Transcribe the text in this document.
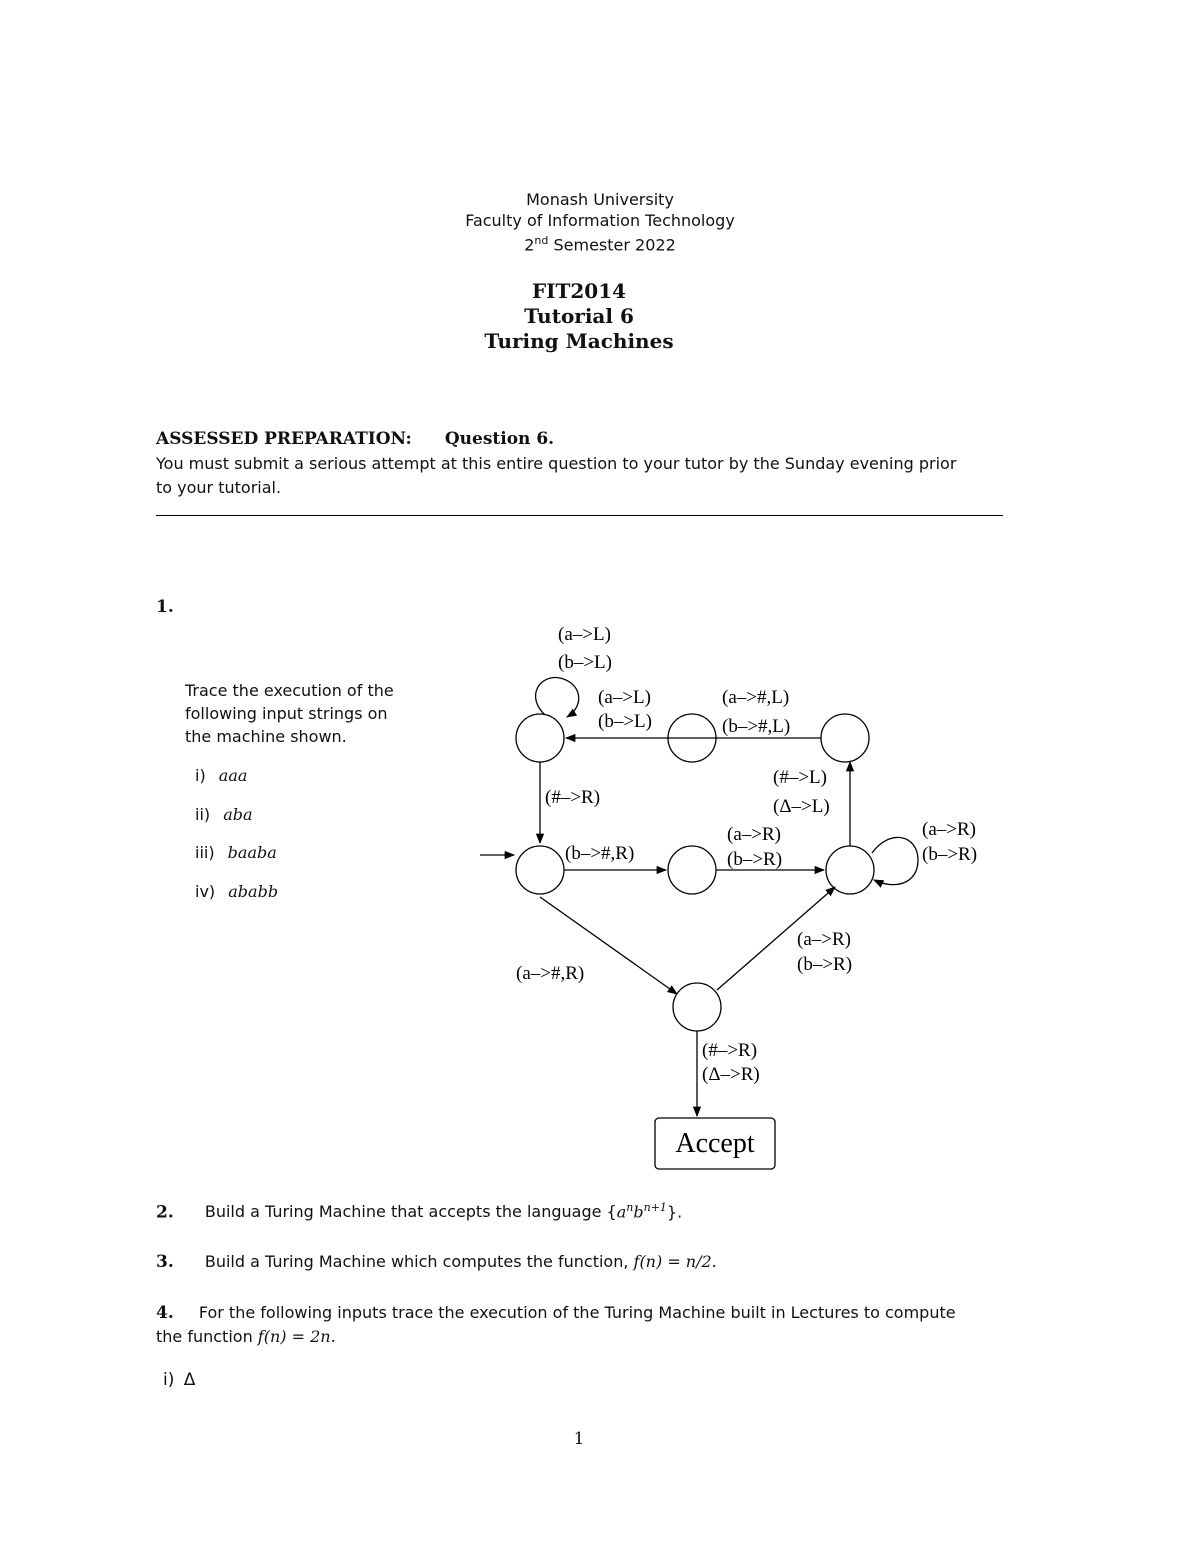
Monash University
Faculty of Information Technology
2nd Semester 2022
FIT2014
Tutorial 6
Turing Machines
ASSESSED PREPARATION: Question 6.
You must submit a serious attempt at this entire question to your tutor by the Sunday evening prior
to your tutorial.
1.
Trace the execution of the
following input strings on
the machine shown.
i) aaa
ii) aba
iii) baaba
iv) ababb
(a–>L)
(b–>L)
(a–>L)
(b–>L)
(a–>#,L)
(b–>#,L)
(#–>R)
(#–>L)
(Δ–>L)
(b–>#,R)
(a–>R)
(b–>R)
(a–>R)
(b–>R)
(a–>#,R)
(a–>R)
(b–>R)
(#–>R)
(Δ–>R)
Accept
2. Build a Turing Machine that accepts the language $\{a^nb^{n+1}\}$.
3. Build a Turing Machine which computes the function, f(n) = n/2.
4. For the following inputs trace the execution of the Turing Machine built in Lectures to compute
the function f(n) = 2n.
i) Δ
1
